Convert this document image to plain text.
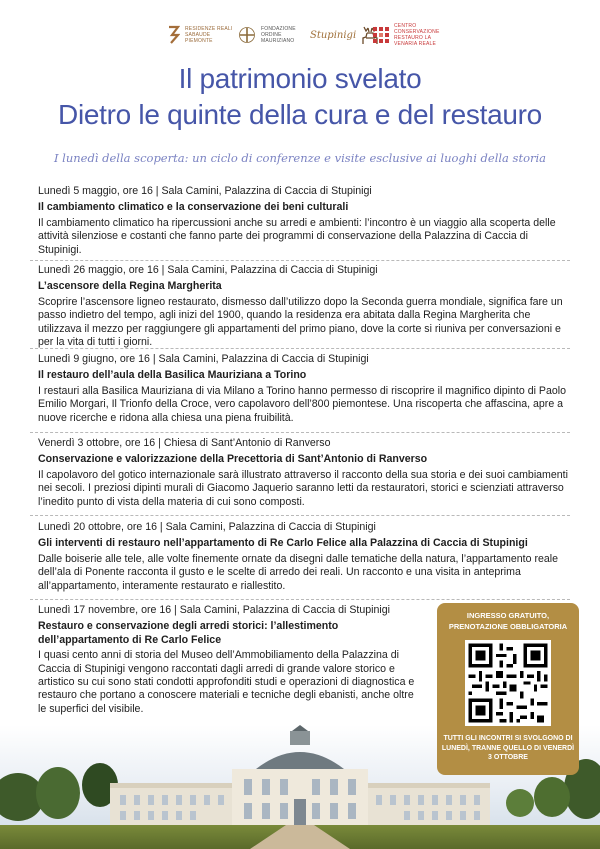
RESIDENZE REALI SABAUDE PIEMONTE
FONDAZIONE ORDINE MAURIZIANO
Stupinigi
CENTRO CONSERVAZIONE RESTAURO LA VENARIA REALE
Il patrimonio svelato
Dietro le quinte della cura e del restauro
I lunedì della scoperta: un ciclo di conferenze e visite esclusive ai luoghi della storia

Lunedì 5 maggio, ore 16 | Sala Camini, Palazzina di Caccia di Stupinigi

Il cambiamento climatico e la conservazione dei beni culturali

Il cambiamento climatico ha ripercussioni anche su arredi e ambienti: l’incontro è un viaggio alla scoperta delle attività silenziose e costanti che fanno parte dei programmi di conservazione della Palazzina di Caccia di Stupinigi.

Lunedì 26 maggio, ore 16 | Sala Camini, Palazzina di Caccia di Stupinigi

L’ascensore della Regina Margherita

Scoprire l’ascensore ligneo restaurato, dismesso dall’utilizzo dopo la Seconda guerra mondiale, significa fare un passo indietro del tempo, agli inizi del 1900, quando la residenza era abitata dalla Regina Margherita che utilizzava il mezzo per raggiungere gli appartamenti del primo piano, dove la corte si riuniva per conversazioni e per la vita di tutti i giorni.

Lunedì 9 giugno, ore 16 | Sala Camini, Palazzina di Caccia di Stupinigi

Il restauro dell’aula della Basilica Mauriziana a Torino

I restauri alla Basilica Mauriziana di via Milano a Torino hanno permesso di riscoprire il magnifico dipinto di Paolo Emilio Morgari, Il Trionfo della Croce, vero capolavoro dell’800 piemontese. Una riscoperta che affascina, apre a nuove ricerche e ridona alla chiesa una piena fruibilità.

Venerdì 3 ottobre, ore 16 | Chiesa di Sant’Antonio di Ranverso

Conservazione e valorizzazione della Precettoria di Sant’Antonio di Ranverso

Il capolavoro del gotico internazionale sarà illustrato attraverso il racconto della sua storia e dei suoi cambiamenti nei secoli. I preziosi dipinti murali di Giacomo Jaquerio saranno letti da restauratori, storici e scienziati attraverso l’inedito punto di vista della materia di cui sono composti.

Lunedì 20 ottobre, ore 16 | Sala Camini, Palazzina di Caccia di Stupinigi

Gli interventi di restauro nell’appartamento di Re Carlo Felice alla Palazzina di Caccia di Stupinigi

Dalle boiserie alle tele, alle volte finemente ornate da disegni dalle tematiche della natura, l’appartamento reale dell’ala di Ponente racconta il gusto e le scelte di arredo dei reali. Un racconto e una visita in anteprima all’appartamento, interamente restaurato e riallestito.

Lunedì 17 novembre, ore 16 | Sala Camini, Palazzina di Caccia di Stupinigi

Restauro e conservazione degli arredi storici: l’allestimento dell’appartamento di Re Carlo Felice

I quasi cento anni di storia del Museo dell’Ammobiliamento della Palazzina di Caccia di Stupinigi vengono raccontati dagli arredi di grande valore storico e artistico su cui sono stati condotti approfonditi studi e operazioni di diagnostica e restauro che portano a conoscere materiali e tecniche degli ebanisti, anche oltre le superfici del visibile.

INGRESSO GRATUITO, PRENOTAZIONE OBBLIGATORIA
TUTTI GLI INCONTRI SI SVOLGONO DI LUNEDÌ, TRANNE QUELLO DI VENERDÌ 3 OTTOBRE
